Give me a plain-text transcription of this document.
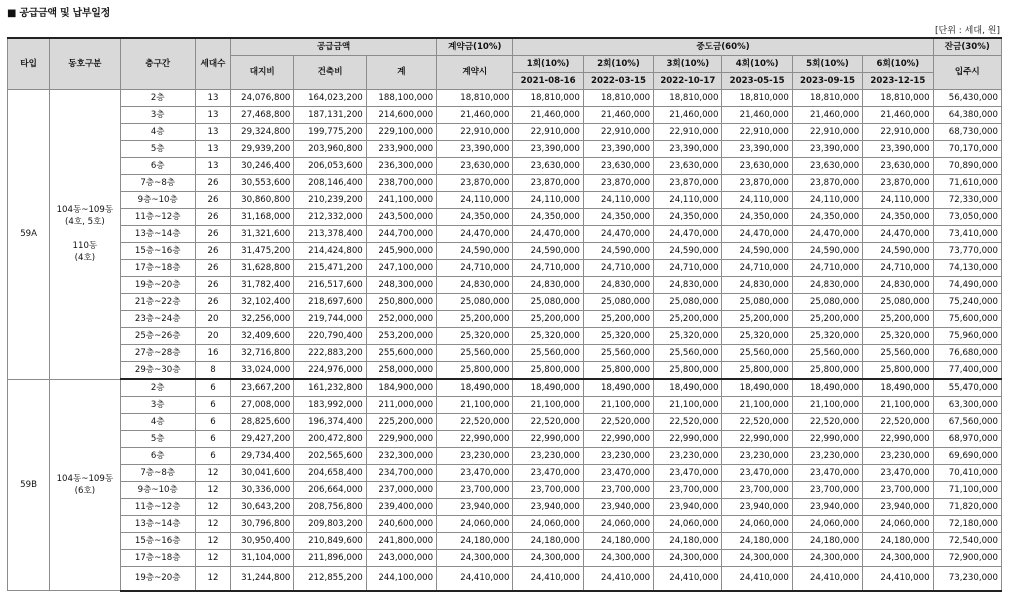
■ 공급금액 및 납부일정
[단위 : 세대, 원]
타입	동호구분	층구간	세대수	공급금액			계약금(10%)	중도금(60%)						잔금(30%)
				대지비	건축비	계	계약시	1회(10%)	2회(10%)	3회(10%)	4회(10%)	5회(10%)	6회(10%)	입주시
								2021-08-16	2022-03-15	2022-10-17	2023-05-15	2023-09-15	2023-12-15	
59A	104동~109동
(4호, 5호)
110동
(4호)	2층	13	24,076,800	164,023,200	188,100,000	18,810,000	18,810,000	18,810,000	18,810,000	18,810,000	18,810,000	18,810,000	56,430,000
		3층	13	27,468,800	187,131,200	214,600,000	21,460,000	21,460,000	21,460,000	21,460,000	21,460,000	21,460,000	21,460,000	64,380,000
		4층	13	29,324,800	199,775,200	229,100,000	22,910,000	22,910,000	22,910,000	22,910,000	22,910,000	22,910,000	22,910,000	68,730,000
		5층	13	29,939,200	203,960,800	233,900,000	23,390,000	23,390,000	23,390,000	23,390,000	23,390,000	23,390,000	23,390,000	70,170,000
		6층	13	30,246,400	206,053,600	236,300,000	23,630,000	23,630,000	23,630,000	23,630,000	23,630,000	23,630,000	23,630,000	70,890,000
		7층~8층	26	30,553,600	208,146,400	238,700,000	23,870,000	23,870,000	23,870,000	23,870,000	23,870,000	23,870,000	23,870,000	71,610,000
		9층~10층	26	30,860,800	210,239,200	241,100,000	24,110,000	24,110,000	24,110,000	24,110,000	24,110,000	24,110,000	24,110,000	72,330,000
		11층~12층	26	31,168,000	212,332,000	243,500,000	24,350,000	24,350,000	24,350,000	24,350,000	24,350,000	24,350,000	24,350,000	73,050,000
		13층~14층	26	31,321,600	213,378,400	244,700,000	24,470,000	24,470,000	24,470,000	24,470,000	24,470,000	24,470,000	24,470,000	73,410,000
		15층~16층	26	31,475,200	214,424,800	245,900,000	24,590,000	24,590,000	24,590,000	24,590,000	24,590,000	24,590,000	24,590,000	73,770,000
		17층~18층	26	31,628,800	215,471,200	247,100,000	24,710,000	24,710,000	24,710,000	24,710,000	24,710,000	24,710,000	24,710,000	74,130,000
		19층~20층	26	31,782,400	216,517,600	248,300,000	24,830,000	24,830,000	24,830,000	24,830,000	24,830,000	24,830,000	24,830,000	74,490,000
		21층~22층	26	32,102,400	218,697,600	250,800,000	25,080,000	25,080,000	25,080,000	25,080,000	25,080,000	25,080,000	25,080,000	75,240,000
		23층~24층	20	32,256,000	219,744,000	252,000,000	25,200,000	25,200,000	25,200,000	25,200,000	25,200,000	25,200,000	25,200,000	75,600,000
		25층~26층	20	32,409,600	220,790,400	253,200,000	25,320,000	25,320,000	25,320,000	25,320,000	25,320,000	25,320,000	25,320,000	75,960,000
		27층~28층	16	32,716,800	222,883,200	255,600,000	25,560,000	25,560,000	25,560,000	25,560,000	25,560,000	25,560,000	25,560,000	76,680,000
		29층~30층	8	33,024,000	224,976,000	258,000,000	25,800,000	25,800,000	25,800,000	25,800,000	25,800,000	25,800,000	25,800,000	77,400,000
59B	104동~109동
(6호)	2층	6	23,667,200	161,232,800	184,900,000	18,490,000	18,490,000	18,490,000	18,490,000	18,490,000	18,490,000	18,490,000	55,470,000
		3층	6	27,008,000	183,992,000	211,000,000	21,100,000	21,100,000	21,100,000	21,100,000	21,100,000	21,100,000	21,100,000	63,300,000
		4층	6	28,825,600	196,374,400	225,200,000	22,520,000	22,520,000	22,520,000	22,520,000	22,520,000	22,520,000	22,520,000	67,560,000
		5층	6	29,427,200	200,472,800	229,900,000	22,990,000	22,990,000	22,990,000	22,990,000	22,990,000	22,990,000	22,990,000	68,970,000
		6층	6	29,734,400	202,565,600	232,300,000	23,230,000	23,230,000	23,230,000	23,230,000	23,230,000	23,230,000	23,230,000	69,690,000
		7층~8층	12	30,041,600	204,658,400	234,700,000	23,470,000	23,470,000	23,470,000	23,470,000	23,470,000	23,470,000	23,470,000	70,410,000
		9층~10층	12	30,336,000	206,664,000	237,000,000	23,700,000	23,700,000	23,700,000	23,700,000	23,700,000	23,700,000	23,700,000	71,100,000
		11층~12층	12	30,643,200	208,756,800	239,400,000	23,940,000	23,940,000	23,940,000	23,940,000	23,940,000	23,940,000	23,940,000	71,820,000
		13층~14층	12	30,796,800	209,803,200	240,600,000	24,060,000	24,060,000	24,060,000	24,060,000	24,060,000	24,060,000	24,060,000	72,180,000
		15층~16층	12	30,950,400	210,849,600	241,800,000	24,180,000	24,180,000	24,180,000	24,180,000	24,180,000	24,180,000	24,180,000	72,540,000
		17층~18층	12	31,104,000	211,896,000	243,000,000	24,300,000	24,300,000	24,300,000	24,300,000	24,300,000	24,300,000	24,300,000	72,900,000
		19층~20층	12	31,244,800	212,855,200	244,100,000	24,410,000	24,410,000	24,410,000	24,410,000	24,410,000	24,410,000	24,410,000	73,230,000
